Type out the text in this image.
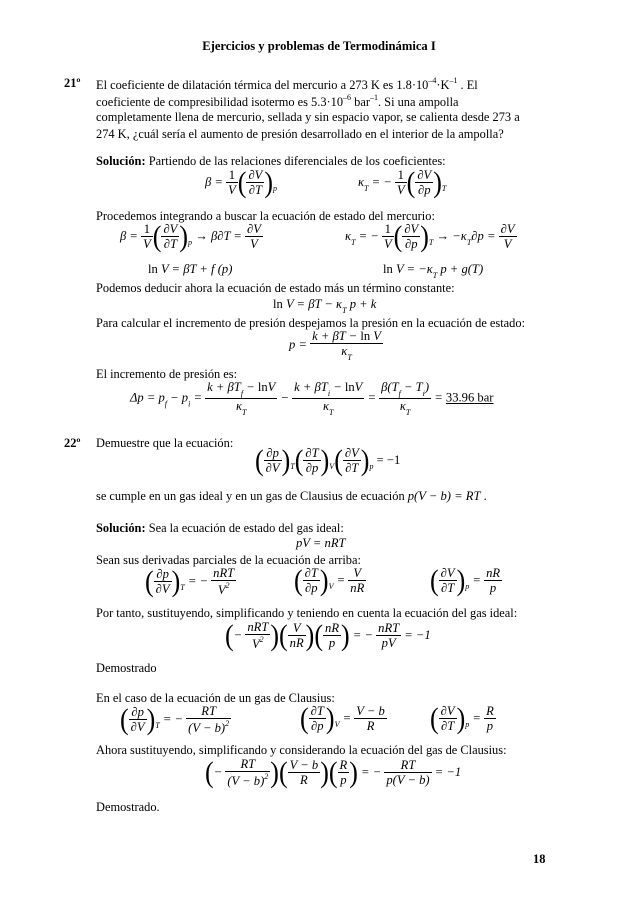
Ejercicios y problemas de Termodinámica I
21º El coeficiente de dilatación térmica del mercurio a 273 K es $1.8\cdot 10^{-4}\cdot K^{-1}$ . El
coeficiente de compresibilidad isotermo es $5.3\cdot 10^{-6}$ bar$^{-1}$. Si una ampolla
completamente llena de mercurio, sellada y sin espacio vapor, se calienta desde 273 a
274 K, ¿cuál sería el aumento de presión desarrollado en el interior de la ampolla?
Solución: Partiendo de las relaciones diferenciales de los coeficientes:
$\beta = \frac{1}{V}$ ( $\frac{\partial V}{\partial T} )_p$	$\kappa_T$ = − $\frac{1}{V}$ ( $\frac{\partial V}{\partial p} )_T$
Procedemos integrando a buscar la ecuación de estado del mercurio:
$\beta = \frac{1}{V}$ ( $\frac{\partial V}{\partial T} )_p \to \beta\partial T = \frac{\partial V}{V}$	$\kappa_T$ = − $\frac{1}{V}$ ( $\frac{\partial V}{\partial p} )_T \to -\kappa_T\partial p = \frac{\partial V}{V}$
ln V = βT + f (p)	$\ln V = -\kappa_T$ p + g(T)
Podemos deducir ahora la ecuación de estado más un término constante:
$\ln V = \beta T - \kappa_T$ p + k
Para calcular el incremento de presión despejamos la presión en la ecuación de estado:
$p = \frac{\text{k + βT − ln V}}{\kappa_T}$
El incremento de presión es:
$\Delta p = p_f - p_i = \frac{k + \beta T_f - \ln V}{\kappa_T} - \frac{k + \beta T_i - \ln V}{\kappa_T} = \frac{\beta(T_f - T_i)}{\kappa_T} = 33.96$ bar
22º Demuestre que la ecuación:
( $\frac{\partial p}{\partial V} )_T( \frac{\partial T}{\partial p} )_V( \frac{\partial V}{\partial T} )_p = -1$
se cumple en un gas ideal y en un gas de Clausius de ecuación p(V − b) = RT .
Solución: Sea la ecuación de estado del gas ideal:
pV = nRT
Sean sus derivadas parciales de la ecuación de arriba:
( $\frac{\partial p}{\partial V} )_T$ = − $\frac{\text{nRT}}{V^2}$ ( $\frac{\partial T}{\partial p} )_V = \frac{V}{nR}$ ( $\frac{\partial V}{\partial T} )_p = \frac{nR}{p}$
Por tanto, sustituyendo, simplificando y teniendo en cuenta la ecuación del gas ideal:
(− $\frac{\text{nRT}}{V^2}$ )( $\frac{V}{nR}$ )( $\frac{nR}{p}$ ) = − $\frac{\text{nRT}}{pV} = -1$
Demostrado
En el caso de la ecuación de un gas de Clausius:
( $\frac{\partial p}{\partial V} )_T$ = − $\frac{RT}{(V - b)^2}$	( $\frac{\partial T}{\partial p} )_V = \frac{V - b}{R}$ ( $\frac{\partial V}{\partial T} )_p = \frac{R}{p}$
Ahora sustituyendo, simplificando y considerando la ecuación del gas de Clausius:
(− $\frac{RT}{(V - b)^2}$ )( $\frac{V - b}{R}$ )( $\frac{R}{p}$ ) = − $\frac{RT}{p(V - b)} = -1$
Demostrado.
18
